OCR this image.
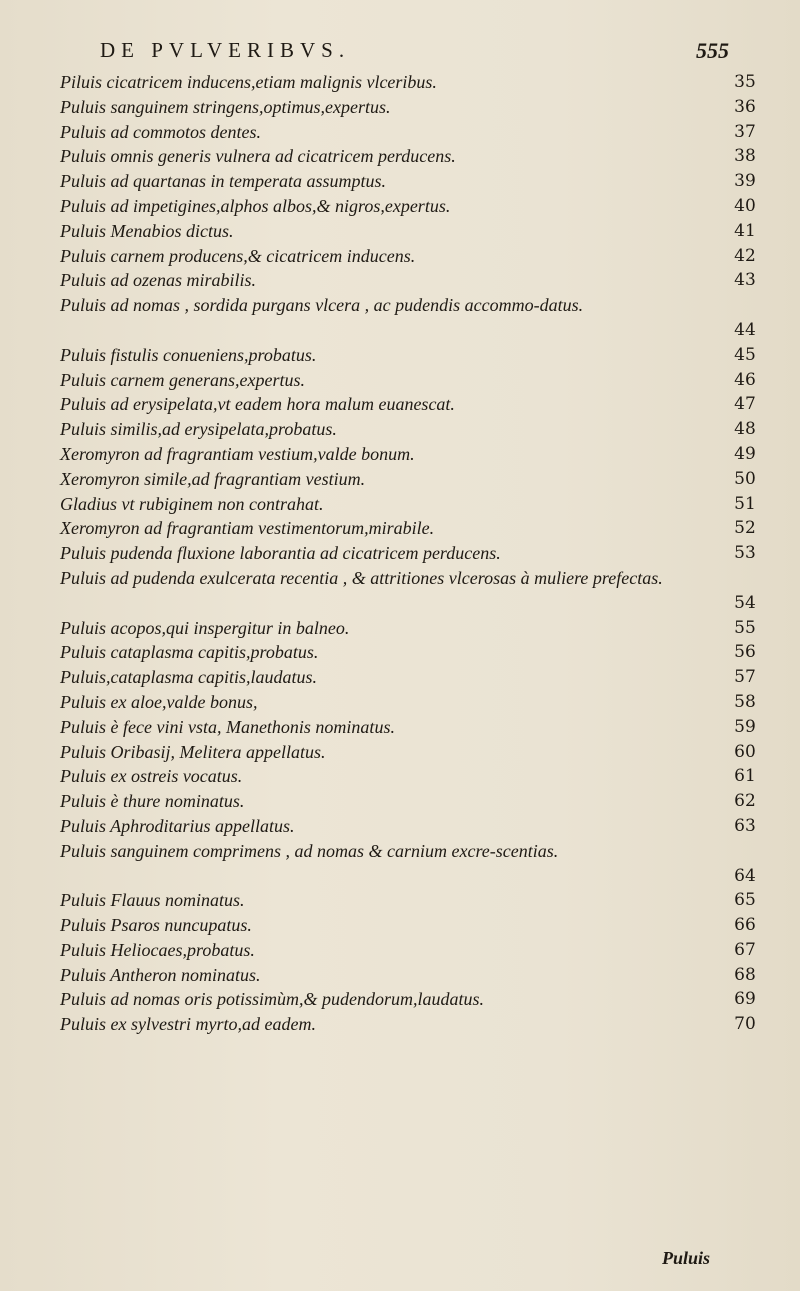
DE PVLVERIBVS.	555
Piluis cicatricem inducens,etiam malignis vlceribus.	35
Puluis sanguinem stringens,optimus,expertus.	36
Puluis ad commotos dentes.	37
Puluis omnis generis vulnera ad cicatricem perducens.	38
Puluis ad quartanas in temperata assumptus.	39
Puluis ad impetigines,alphos albos,& nigros,expertus.	40
Puluis Menabios dictus.	41
Puluis carnem producens,& cicatricem inducens.	42
Puluis ad ozenas mirabilis.	43
Puluis ad nomas , sordida purgans vlcera , ac pudendis accommo-datus.
44
Puluis fistulis conueniens,probatus.	45
Puluis carnem generans,expertus.	46
Puluis ad erysipelata,vt eadem hora malum euanescat.	47
Puluis similis,ad erysipelata,probatus.	48
Xeromyron ad fragrantiam vestium,valde bonum.	49
Xeromyron simile,ad fragrantiam vestium.	50
Gladius vt rubiginem non contrahat.	51
Xeromyron ad fragrantiam vestimentorum,mirabile.	52
Puluis pudenda fluxione laborantia ad cicatricem perducens.	53
Puluis ad pudenda exulcerata recentia , & attritiones vlcerosas à muliere prefectas.
54
Puluis acopos,qui inspergitur in balneo.	55
Puluis cataplasma capitis,probatus.	56
Puluis,cataplasma capitis,laudatus.	57
Puluis ex aloe,valde bonus,	58
Puluis è fece vini vsta, Manethonis nominatus.	59
Puluis Oribasij, Melitera appellatus.	60
Puluis ex ostreis vocatus.	61
Puluis è thure nominatus.	62
Puluis Aphroditarius appellatus.	63
Puluis sanguinem comprimens , ad nomas & carnium excre-scentias.
64
Puluis Flauus nominatus.	65
Puluis Psaros nuncupatus.	66
Puluis Heliocaes,probatus.	67
Puluis Antheron nominatus.	68
Puluis ad nomas oris potissimùm,& pudendorum,laudatus.	69
Puluis ex sylvestri myrto,ad eadem.	70
Puluis
